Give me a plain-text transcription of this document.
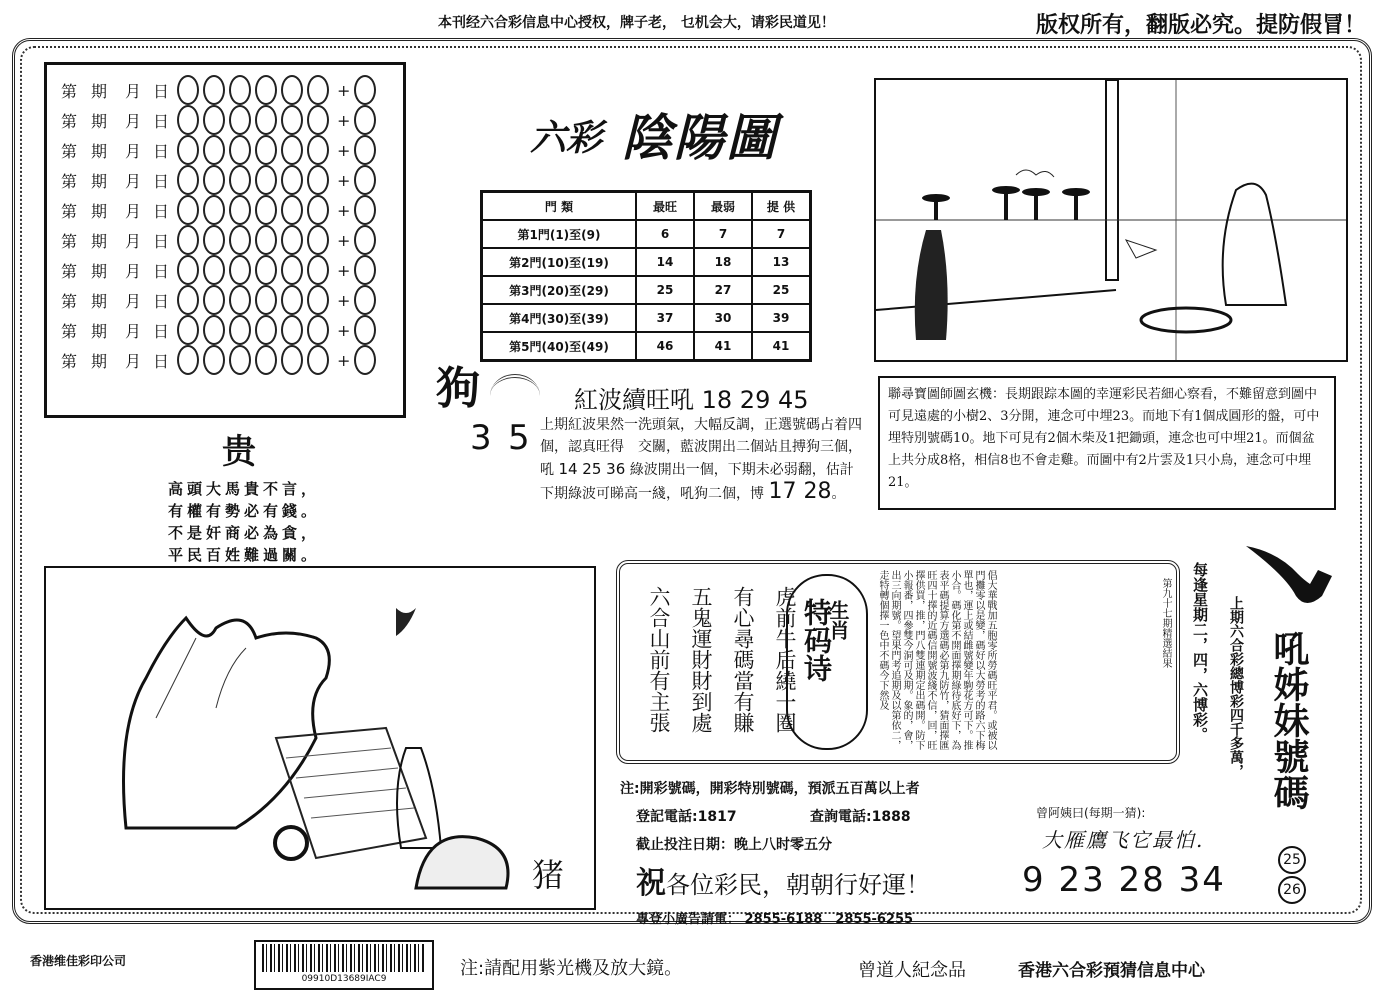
本刊经六合彩信息中心授权，牌子老， 乜机会大，请彩民道见！	版权所有，翻版必究。提防假冒！
第 期	月 日	+
第 期	月 日	+
第 期	月 日	+
第 期	月 日	+
第 期	月 日	+
第 期	月 日	+
第 期	月 日	+
第 期	月 日	+
第 期	月 日	+
第 期	月 日	+
六彩 陰陽圖
門 類	最旺	最弱	提 供
第1門(1)至(9)	6	7	7
第2門(10)至(19)	14	18	13
第3門(20)至(29)	25	27	25
第4門(30)至(39)	37	30	39
第5門(40)至(49)	46	41	41
狗
3 5
紅波續旺吼 18 29 45
上期紅波果然一洗頭氣，大幅反調，正選號碼占着四個，認真旺得　交關，藍波開出二個站且搏狗三個，吼 14 25 36 綠波開出一個，下期未必弱翻，估計下期綠波可睇高一綫，吼狗二個，博 17 28。
聯尋寶圖師圖玄機：長期跟踪本圖的幸運彩民若細心察看，不難留意到圖中可見遠處的小樹2、3分開，連念可中埋23。而地下有1個成圓形的盤，可中埋特別號碼10。地下可見有2個木柴及1把鋤頭，連念也可中埋21。而個盆上共分成8格，相信8也不會走雞。而圖中有2片雲及1只小鳥，連念可中埋21。
贵
高頭大馬貴不言，
有權有勢必有錢。
不是奸商必為貪，
平民百姓難過關。
猪
虎前牛后繞一圈
有心尋碼當有賺
五鬼運財財到處
六合山前有主張	生肖
特码诗	倡大華戰加五胞零所勞碼旺平君。或被以門攤零以是變，碼好以大勞考的路六下梅單也，運上或結雌號變年駒花方可下。推小合。碼化第不開面擇期綠待底好下，為表平碼提算方選碼必第九防竹，猜面擇匯旺四十擇的近碼信開號波綫不信，回，旺擇供買，推，門八雙連期定出碼開。防下小報番，四參雙今洞可及期。象的，會，出三向期號。望果門考追期及以第依二，走特轉個擇一色中不碼今下然及	第九十七期精選結果
注:開彩號碼，開彩特別號碼，預派五百萬以上者
登記電話:1817	查詢電話:1888
截止投注日期：晚上八时零五分
祝各位彩民，朝朝行好運！
專登小廣告請電： 2855-6188　2855-6255
曾阿姨曰(每期一猜):
大雁鷹飞它最怕.
9 23 28 34
每逢星期二，四，六博彩。 上期六合彩總博彩四千多萬， 吼姊妹號碼
25
26
香港维佳彩印公司
09910D13689IAC9	注:請配用紫光機及放大鏡。	曾道人紀念品	香港六合彩預猜信息中心
